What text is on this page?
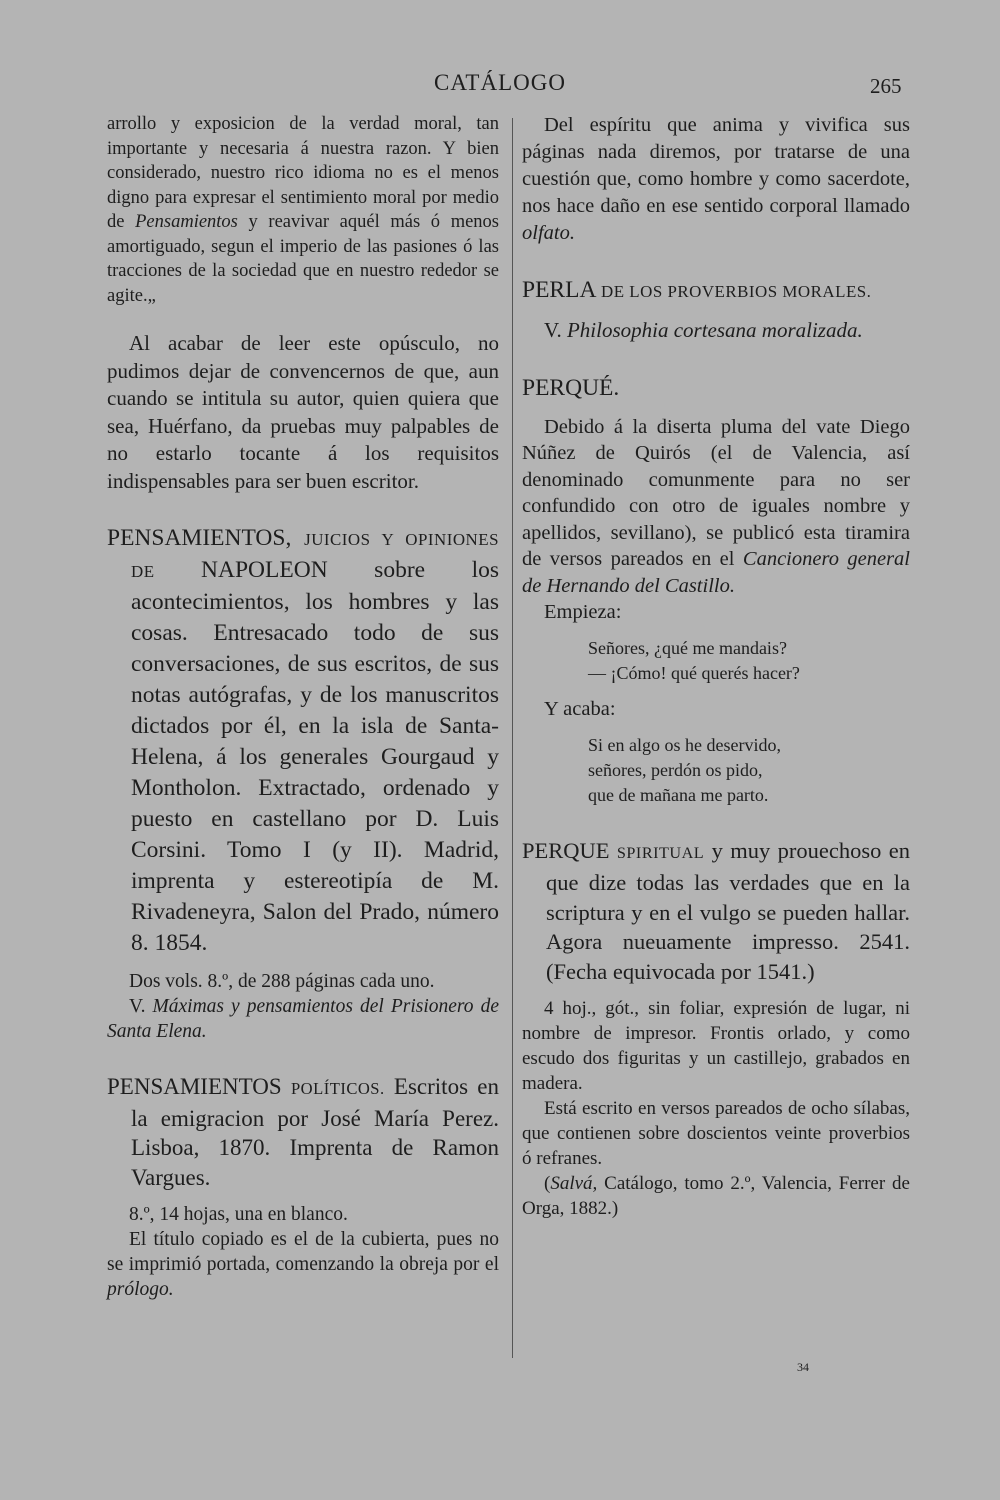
CATÁLOGO	265

arrollo y exposicion de la verdad moral, tan importante y necesaria á nuestra razon. Y bien considerado, nuestro rico idioma no es el menos digno para expresar el sentimiento moral por medio de Pensamientos y reavivar aquél más ó menos amortiguado, segun el imperio de las pasiones ó las tracciones de la sociedad que en nuestro rededor se agite.„

Al acabar de leer este opúsculo, no pudimos dejar de convencernos de que, aun cuando se intitula su autor, quien quiera que sea, Huérfano, da pruebas muy palpables de no estarlo tocante á los requisitos indispensables para ser buen escritor.

PENSAMIENTOS, JUICIOS Y OPINIONES DE NAPOLEON sobre los acontecimientos, los hombres y las cosas. Entresacado todo de sus conversaciones, de sus escritos, de sus notas autógrafas, y de los manuscritos dictados por él, en la isla de Santa-Helena, á los generales Gourgaud y Montholon. Extractado, ordenado y puesto en castellano por D. Luis Corsini. Tomo I (y II). Madrid, imprenta y estereotipía de M. Rivadeneyra, Salon del Prado, número 8. 1854.

Dos vols. 8.º, de 288 páginas cada uno.

V. Máximas y pensamientos del Prisionero de Santa Elena.

PENSAMIENTOS POLÍTICOS. Escritos en la emigracion por José María Perez. Lisboa, 1870. Imprenta de Ramon Vargues.

8.º, 14 hojas, una en blanco.

El título copiado es el de la cubierta, pues no se imprimió portada, comenzando la obreja por el prólogo.

Del espíritu que anima y vivifica sus páginas nada diremos, por tratarse de una cuestión que, como hombre y como sacerdote, nos hace daño en ese sentido corporal llamado olfato.

PERLA DE LOS PROVERBIOS MORALES.

V. Philosophia cortesana moralizada.

PERQUÉ.

Debido á la diserta pluma del vate Diego Núñez de Quirós (el de Valencia, así denominado comunmente para no ser confundido con otro de iguales nombre y apellidos, sevillano), se publicó esta tiramira de versos pareados en el Cancionero general de Hernando del Castillo.

Empieza:

Señores, ¿qué me mandais?
— ¡Cómo! qué querés hacer?

Y acaba:

Si en algo os he deservido,
señores, perdón os pido,
que de mañana me parto.

PERQUE SPIRITUAL y muy prouechoso en que dize todas las verdades que en la scriptura y en el vulgo se pueden hallar. Agora nueuamente impresso. 2541. (Fecha equivocada por 1541.)

4 hoj., gót., sin foliar, expresión de lugar, ni nombre de impresor. Frontis orlado, y como escudo dos figuritas y un castillejo, grabados en madera.

Está escrito en versos pareados de ocho sílabas, que contienen sobre doscientos veinte proverbios ó refranes.

(Salvá, Catálogo, tomo 2.º, Valencia, Ferrer de Orga, 1882.)

34
